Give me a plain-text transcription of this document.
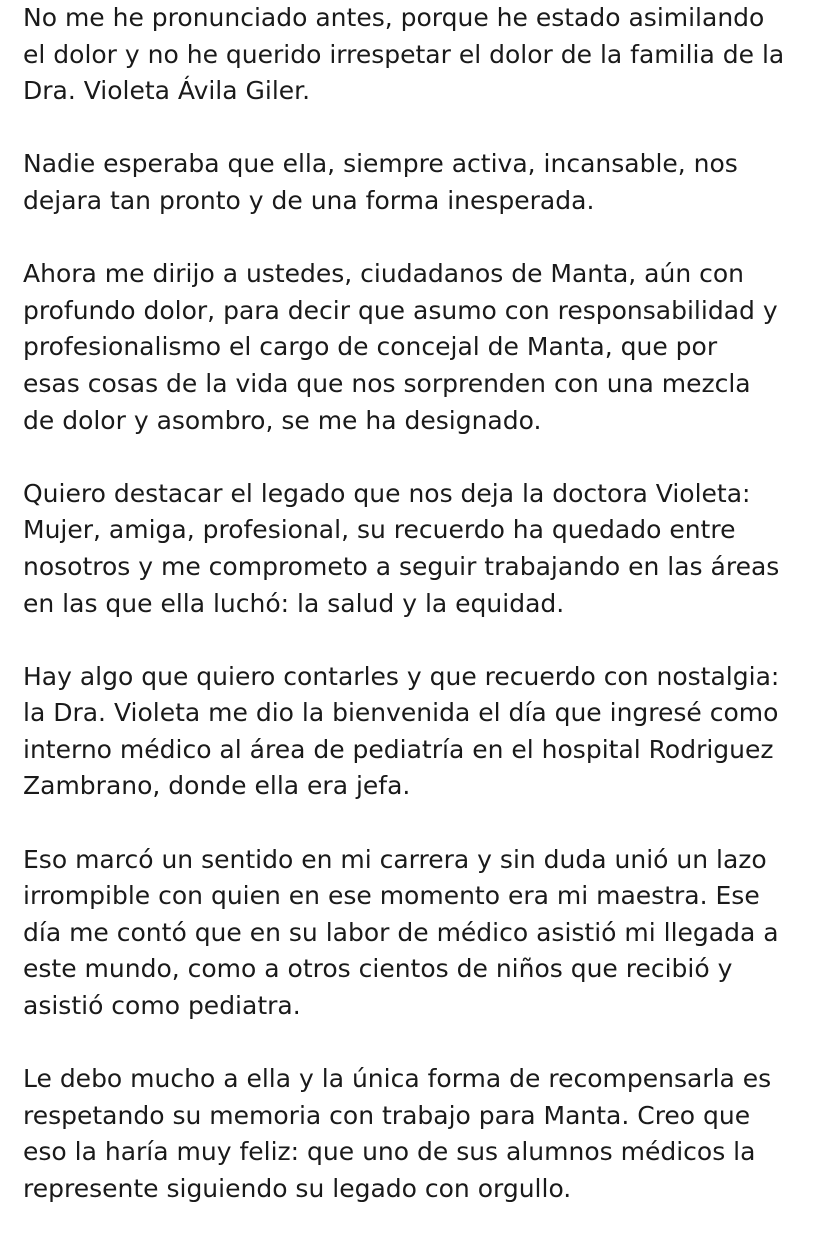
No me he pronunciado antes, porque he estado asimilando
el dolor y no he querido irrespetar el dolor de la familia de la
Dra. Violeta Ávila Giler.

Nadie esperaba que ella, siempre activa, incansable, nos
dejara tan pronto y de una forma inesperada.

Ahora me dirijo a ustedes, ciudadanos de Manta, aún con
profundo dolor, para decir que asumo con responsabilidad y
profesionalismo el cargo de concejal de Manta, que por
esas cosas de la vida que nos sorprenden con una mezcla
de dolor y asombro, se me ha designado.

Quiero destacar el legado que nos deja la doctora Violeta:
Mujer, amiga, profesional, su recuerdo ha quedado entre
nosotros y me comprometo a seguir trabajando en las áreas
en las que ella luchó: la salud y la equidad.

Hay algo que quiero contarles y que recuerdo con nostalgia:
la Dra. Violeta me dio la bienvenida el día que ingresé como
interno médico al área de pediatría en el hospital Rodriguez
Zambrano, donde ella era jefa.

Eso marcó un sentido en mi carrera y sin duda unió un lazo
irrompible con quien en ese momento era mi maestra. Ese
día me contó que en su labor de médico asistió mi llegada a
este mundo, como a otros cientos de niños que recibió y
asistió como pediatra.

Le debo mucho a ella y la única forma de recompensarla es
respetando su memoria con trabajo para Manta. Creo que
eso la haría muy feliz: que uno de sus alumnos médicos la
represente siguiendo su legado con orgullo.
